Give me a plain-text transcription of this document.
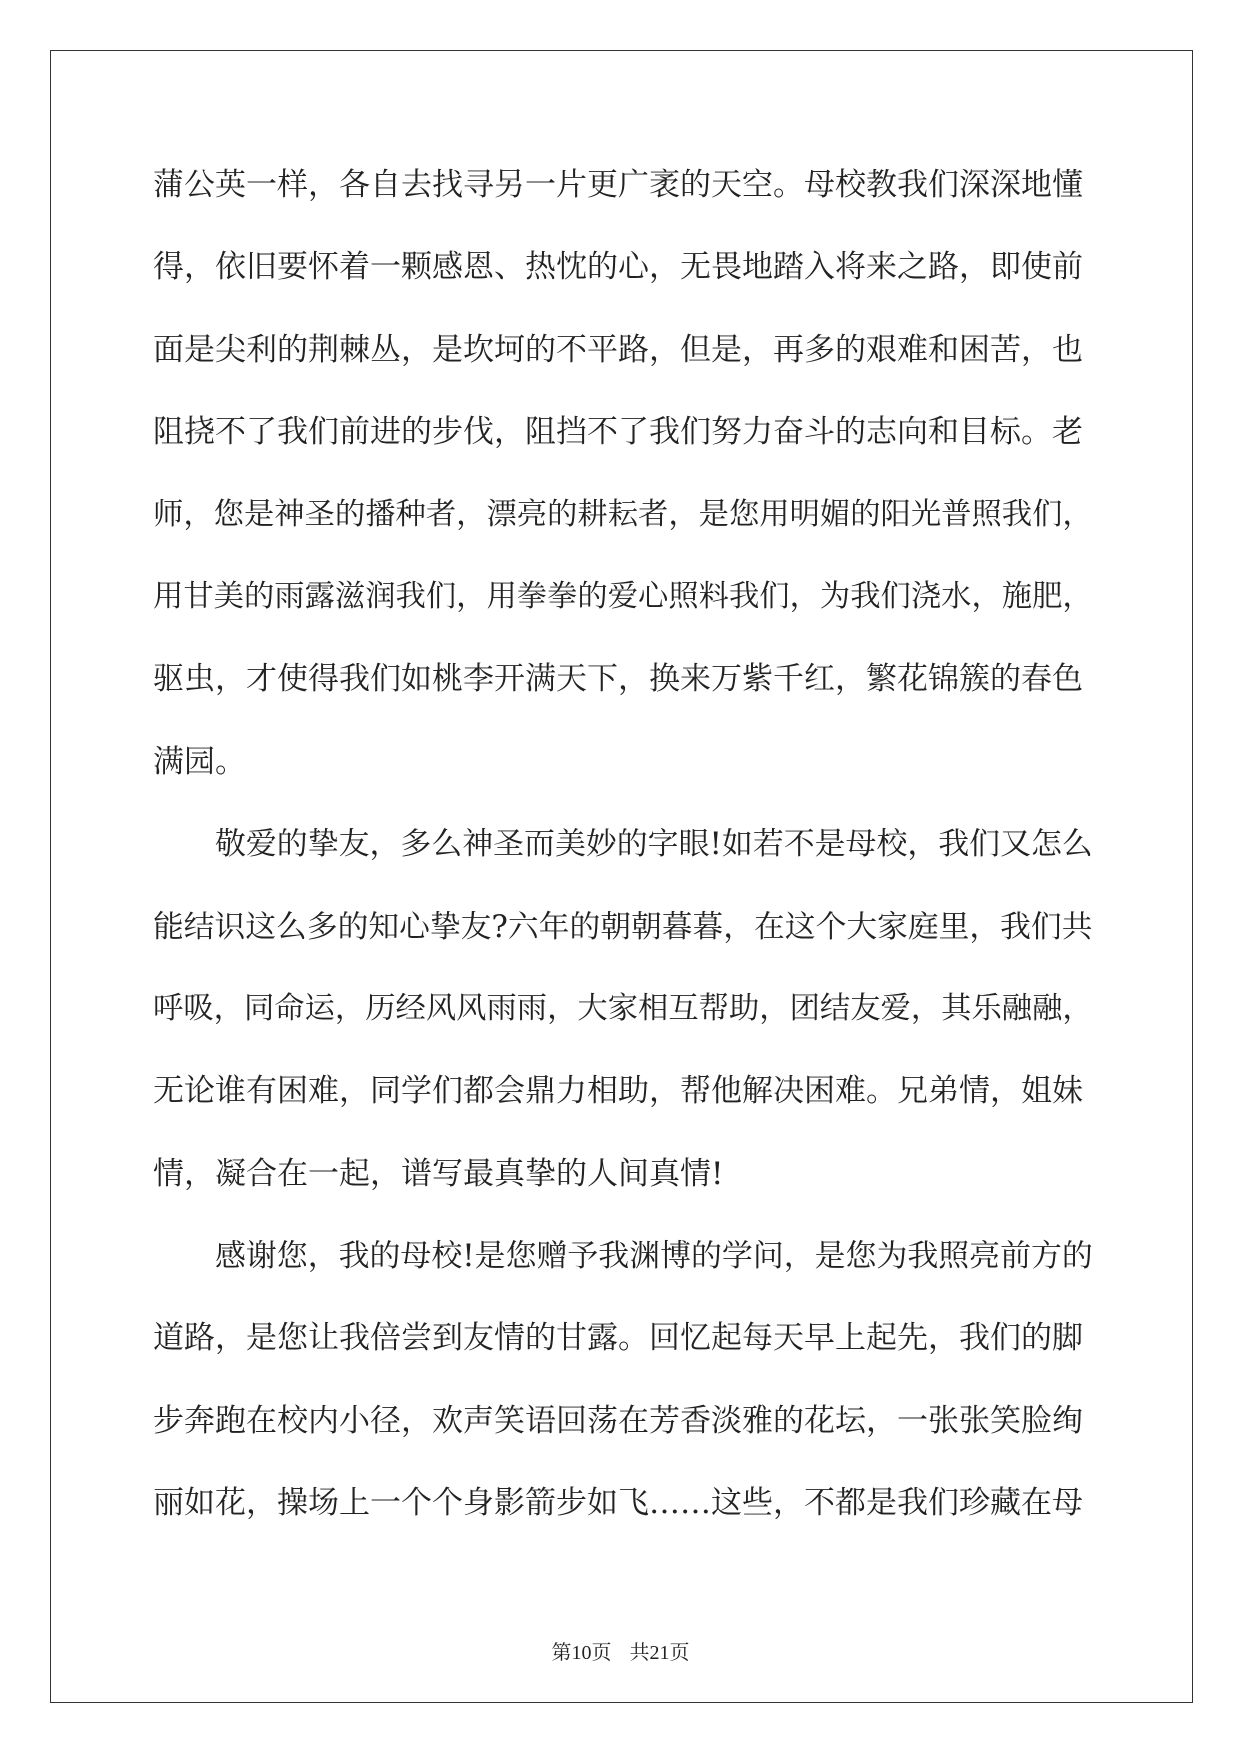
蒲公英一样，各自去找寻另一片更广袤的天空。母校教我们深深地懂
得，依旧要怀着一颗感恩、热忱的心，无畏地踏入将来之路，即使前
面是尖利的荆棘丛，是坎坷的不平路，但是，再多的艰难和困苦，也
阻挠不了我们前进的步伐，阻挡不了我们努力奋斗的志向和目标。老
师，您是神圣的播种者，漂亮的耕耘者，是您用明媚的阳光普照我们，
用甘美的雨露滋润我们，用拳拳的爱心照料我们，为我们浇水，施肥，
驱虫，才使得我们如桃李开满天下，换来万紫千红，繁花锦簇的春色
满园。
敬爱的挚友，多么神圣而美妙的字眼!如若不是母校，我们又怎么
能结识这么多的知心挚友?六年的朝朝暮暮，在这个大家庭里，我们共
呼吸，同命运，历经风风雨雨，大家相互帮助，团结友爱，其乐融融，
无论谁有困难，同学们都会鼎力相助，帮他解决困难。兄弟情，姐妹
情，凝合在一起，谱写最真挚的人间真情!
感谢您，我的母校!是您赠予我渊博的学问，是您为我照亮前方的
道路，是您让我倍尝到友情的甘露。回忆起每天早上起先，我们的脚
步奔跑在校内小径，欢声笑语回荡在芳香淡雅的花坛，一张张笑脸绚
丽如花，操场上一个个身影箭步如飞……这些，不都是我们珍藏在母
第10页 共21页
